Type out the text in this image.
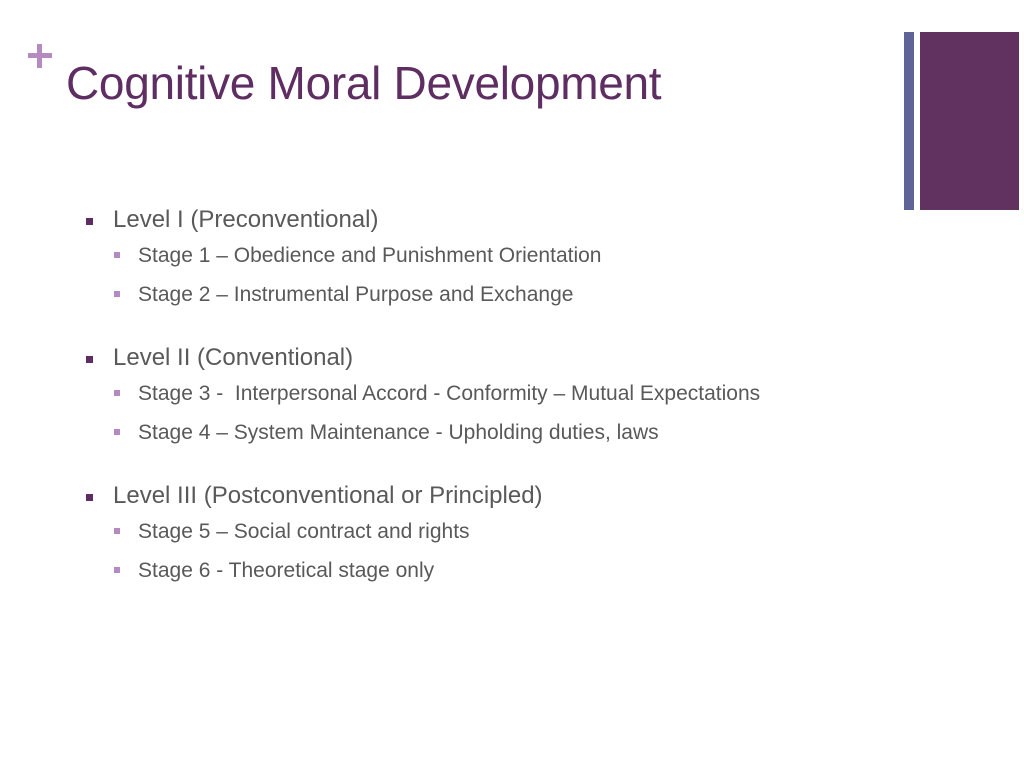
Cognitive Moral Development
Level I (Preconventional)
Stage 1 – Obedience and Punishment Orientation
Stage 2 – Instrumental Purpose and Exchange
Level II (Conventional)
Stage 3 -  Interpersonal Accord - Conformity – Mutual Expectations
Stage 4 – System Maintenance - Upholding duties, laws
Level III (Postconventional or Principled)
Stage 5 – Social contract and rights
Stage 6 - Theoretical stage only
